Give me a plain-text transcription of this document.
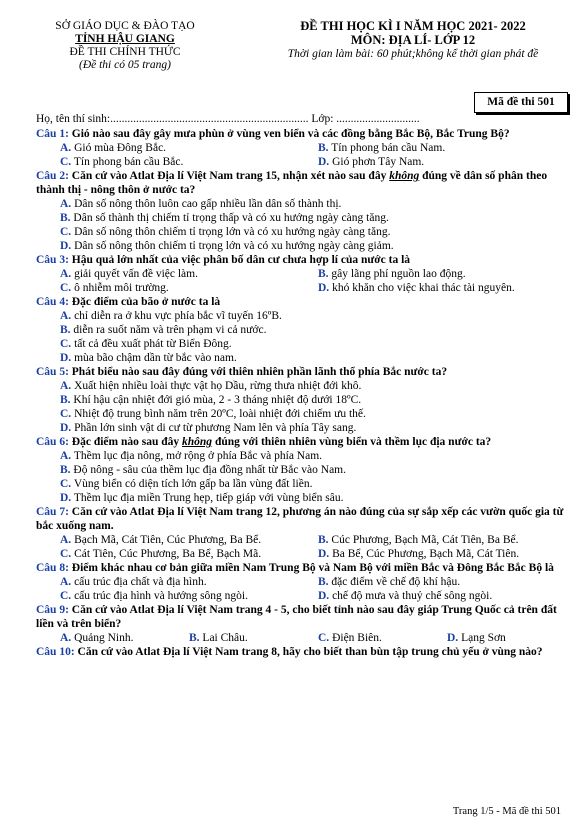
SỞ GIÁO DỤC & ĐÀO TẠO
TỈNH HẬU GIANG
ĐỀ THI CHÍNH THỨC
(Đề thi có 05 trang)
ĐỀ THI HỌC KÌ I NĂM HỌC 2021- 2022
MÔN: ĐỊA LÍ- LỚP 12
Thời gian làm bài: 60 phút;không kể thời gian phát đề
Mã đề thi 501
Họ, tên thí sinh:..................................................................... Lớp: .............................
Câu 1: Gió nào sau đây gây mưa phùn ở vùng ven biển và các đồng bằng Bắc Bộ, Bắc Trung Bộ?
A. Gió mùa Đông Bắc.	B. Tín phong bán cầu Nam.
C. Tín phong bán cầu Bắc.	D. Gió phơn Tây Nam.
Câu 2: Căn cứ vào Atlat Địa lí Việt Nam trang 15, nhận xét nào sau đây không đúng về dân số phân theo thành thị - nông thôn ở nước ta?
A. Dân số nông thôn luôn cao gấp nhiều lần dân số thành thị.
B. Dân số thành thị chiếm tỉ trọng thấp và có xu hướng ngày càng tăng.
C. Dân số nông thôn chiếm tỉ trọng lớn và có xu hướng ngày càng tăng.
D. Dân số nông thôn chiếm tỉ trọng lớn và có xu hướng ngày càng giảm.
Câu 3: Hậu quả lớn nhất của việc phân bố dân cư chưa hợp lí của nước ta là
A. giải quyết vấn đề việc làm.	B. gây lãng phí nguồn lao động.
C. ô nhiễm môi trường.	D. khó khăn cho việc khai thác tài nguyên.
Câu 4: Đặc điểm của bão ở nước ta là
A. chỉ diễn ra ở khu vực phía bắc vĩ tuyến 16ºB.
B. diễn ra suốt năm và trên phạm vi cả nước.
C. tất cả đều xuất phát từ Biển Đông.
D. mùa bão chậm dần từ bắc vào nam.
Câu 5: Phát biểu nào sau đây đúng với thiên nhiên phần lãnh thổ phía Bắc nước ta?
A. Xuất hiện nhiều loài thực vật họ Dầu, rừng thưa nhiệt đới khô.
B. Khí hậu cận nhiệt đới gió mùa, 2 - 3 tháng nhiệt độ dưới 18ºC.
C. Nhiệt độ trung bình năm trên 20ºC, loài nhiệt đới chiếm ưu thế.
D. Phần lớn sinh vật di cư từ phương Nam lên và phía Tây sang.
Câu 6: Đặc điểm nào sau đây không đúng với thiên nhiên vùng biển và thềm lục địa nước ta?
A. Thềm lục địa nông, mở rộng ở phía Bắc và phía Nam.
B. Độ nông - sâu của thềm lục địa đồng nhất từ Bắc vào Nam.
C. Vùng biển có diện tích lớn gấp ba lần vùng đất liền.
D. Thềm lục địa miền Trung hẹp, tiếp giáp với vùng biển sâu.
Câu 7: Căn cứ vào Atlat Địa lí Việt Nam trang 12, phương án nào đúng của sự sắp xếp các vườn quốc gia từ bắc xuống nam.
A. Bạch Mã, Cát Tiên, Cúc Phương, Ba Bể.	B. Cúc Phương, Bạch Mã, Cát Tiên, Ba Bể.
C. Cát Tiên, Cúc Phương, Ba Bể, Bạch Mã.	D. Ba Bể, Cúc Phương, Bạch Mã, Cát Tiên.
Câu 8: Điểm khác nhau cơ bản giữa miền Nam Trung Bộ và Nam Bộ với miền Bắc và Đông Bắc Bắc Bộ là
A. cấu trúc địa chất và địa hình.	B. đặc điểm về chế độ khí hậu.
C. cấu trúc địa hình và hướng sông ngòi.	D. chế độ mưa và thuỷ chế sông ngòi.
Câu 9: Căn cứ vào Atlat Địa lí Việt Nam trang 4 - 5, cho biết tỉnh nào sau đây giáp Trung Quốc cả trên đất liền và trên biển?
A. Quảng Ninh.	B. Lai Châu.	C. Điện Biên.	D. Lạng Sơn
Câu 10: Căn cứ vào Atlat Địa lí Việt Nam trang 8, hãy cho biết than bùn tập trung chủ yếu ở vùng nào?
Trang 1/5 - Mã đề thi 501
